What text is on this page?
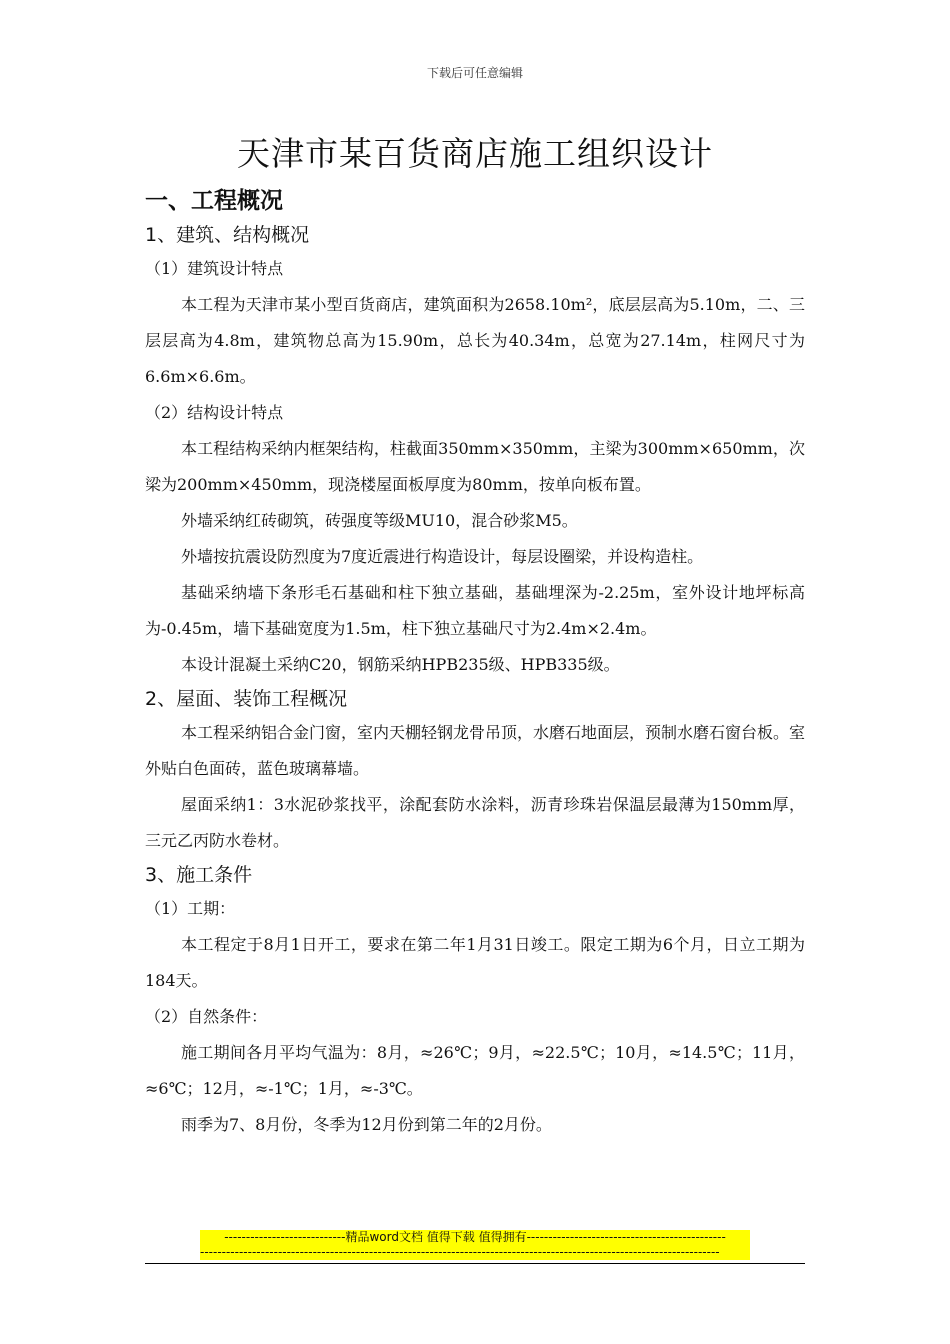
下载后可任意编辑
天津市某百货商店施工组织设计
一、工程概况
1、建筑、结构概况

（1）建筑设计特点

本工程为天津市某小型百货商店，建筑面积为2658.10m²，底层层高为5.10m，二、三层层高为4.8m，建筑物总高为15.90m，总长为40.34m，总宽为27.14m，柱网尺寸为6.6m×6.6m。

（2）结构设计特点

本工程结构采纳内框架结构，柱截面350mm×350mm，主梁为300mm×650mm，次梁为200mm×450mm，现浇楼屋面板厚度为80mm，按单向板布置。

外墙采纳红砖砌筑，砖强度等级MU10，混合砂浆M5。

外墙按抗震设防烈度为7度近震进行构造设计，每层设圈梁，并设构造柱。

基础采纳墙下条形毛石基础和柱下独立基础，基础埋深为-2.25m，室外设计地坪标高为-0.45m，墙下基础宽度为1.5m，柱下独立基础尺寸为2.4m×2.4m。

本设计混凝土采纳C20，钢筋采纳HPB235级、HPB335级。

2、屋面、装饰工程概况

本工程采纳铝合金门窗，室内天棚轻钢龙骨吊顶，水磨石地面层，预制水磨石窗台板。室外贴白色面砖，蓝色玻璃幕墙。

屋面采纳1：3水泥砂浆找平，涂配套防水涂料，沥青珍珠岩保温层最薄为150mm厚，三元乙丙防水卷材。

3、施工条件

（1）工期：

本工程定于8月1日开工，要求在第二年1月31日竣工。限定工期为6个月，日立工期为184天。

（2）自然条件：

施工期间各月平均气温为：8月，≈26℃；9月，≈22.5℃；10月，≈14.5℃；11月，≈6℃；12月，≈-1℃；1月，≈-3℃。

雨季为7、8月份，冬季为12月份到第二年的2月份。

----------------------------精品word文档 值得下载 值得拥有----------------------------------------------
------------------------------------------------------------------------------------------------------------------------
